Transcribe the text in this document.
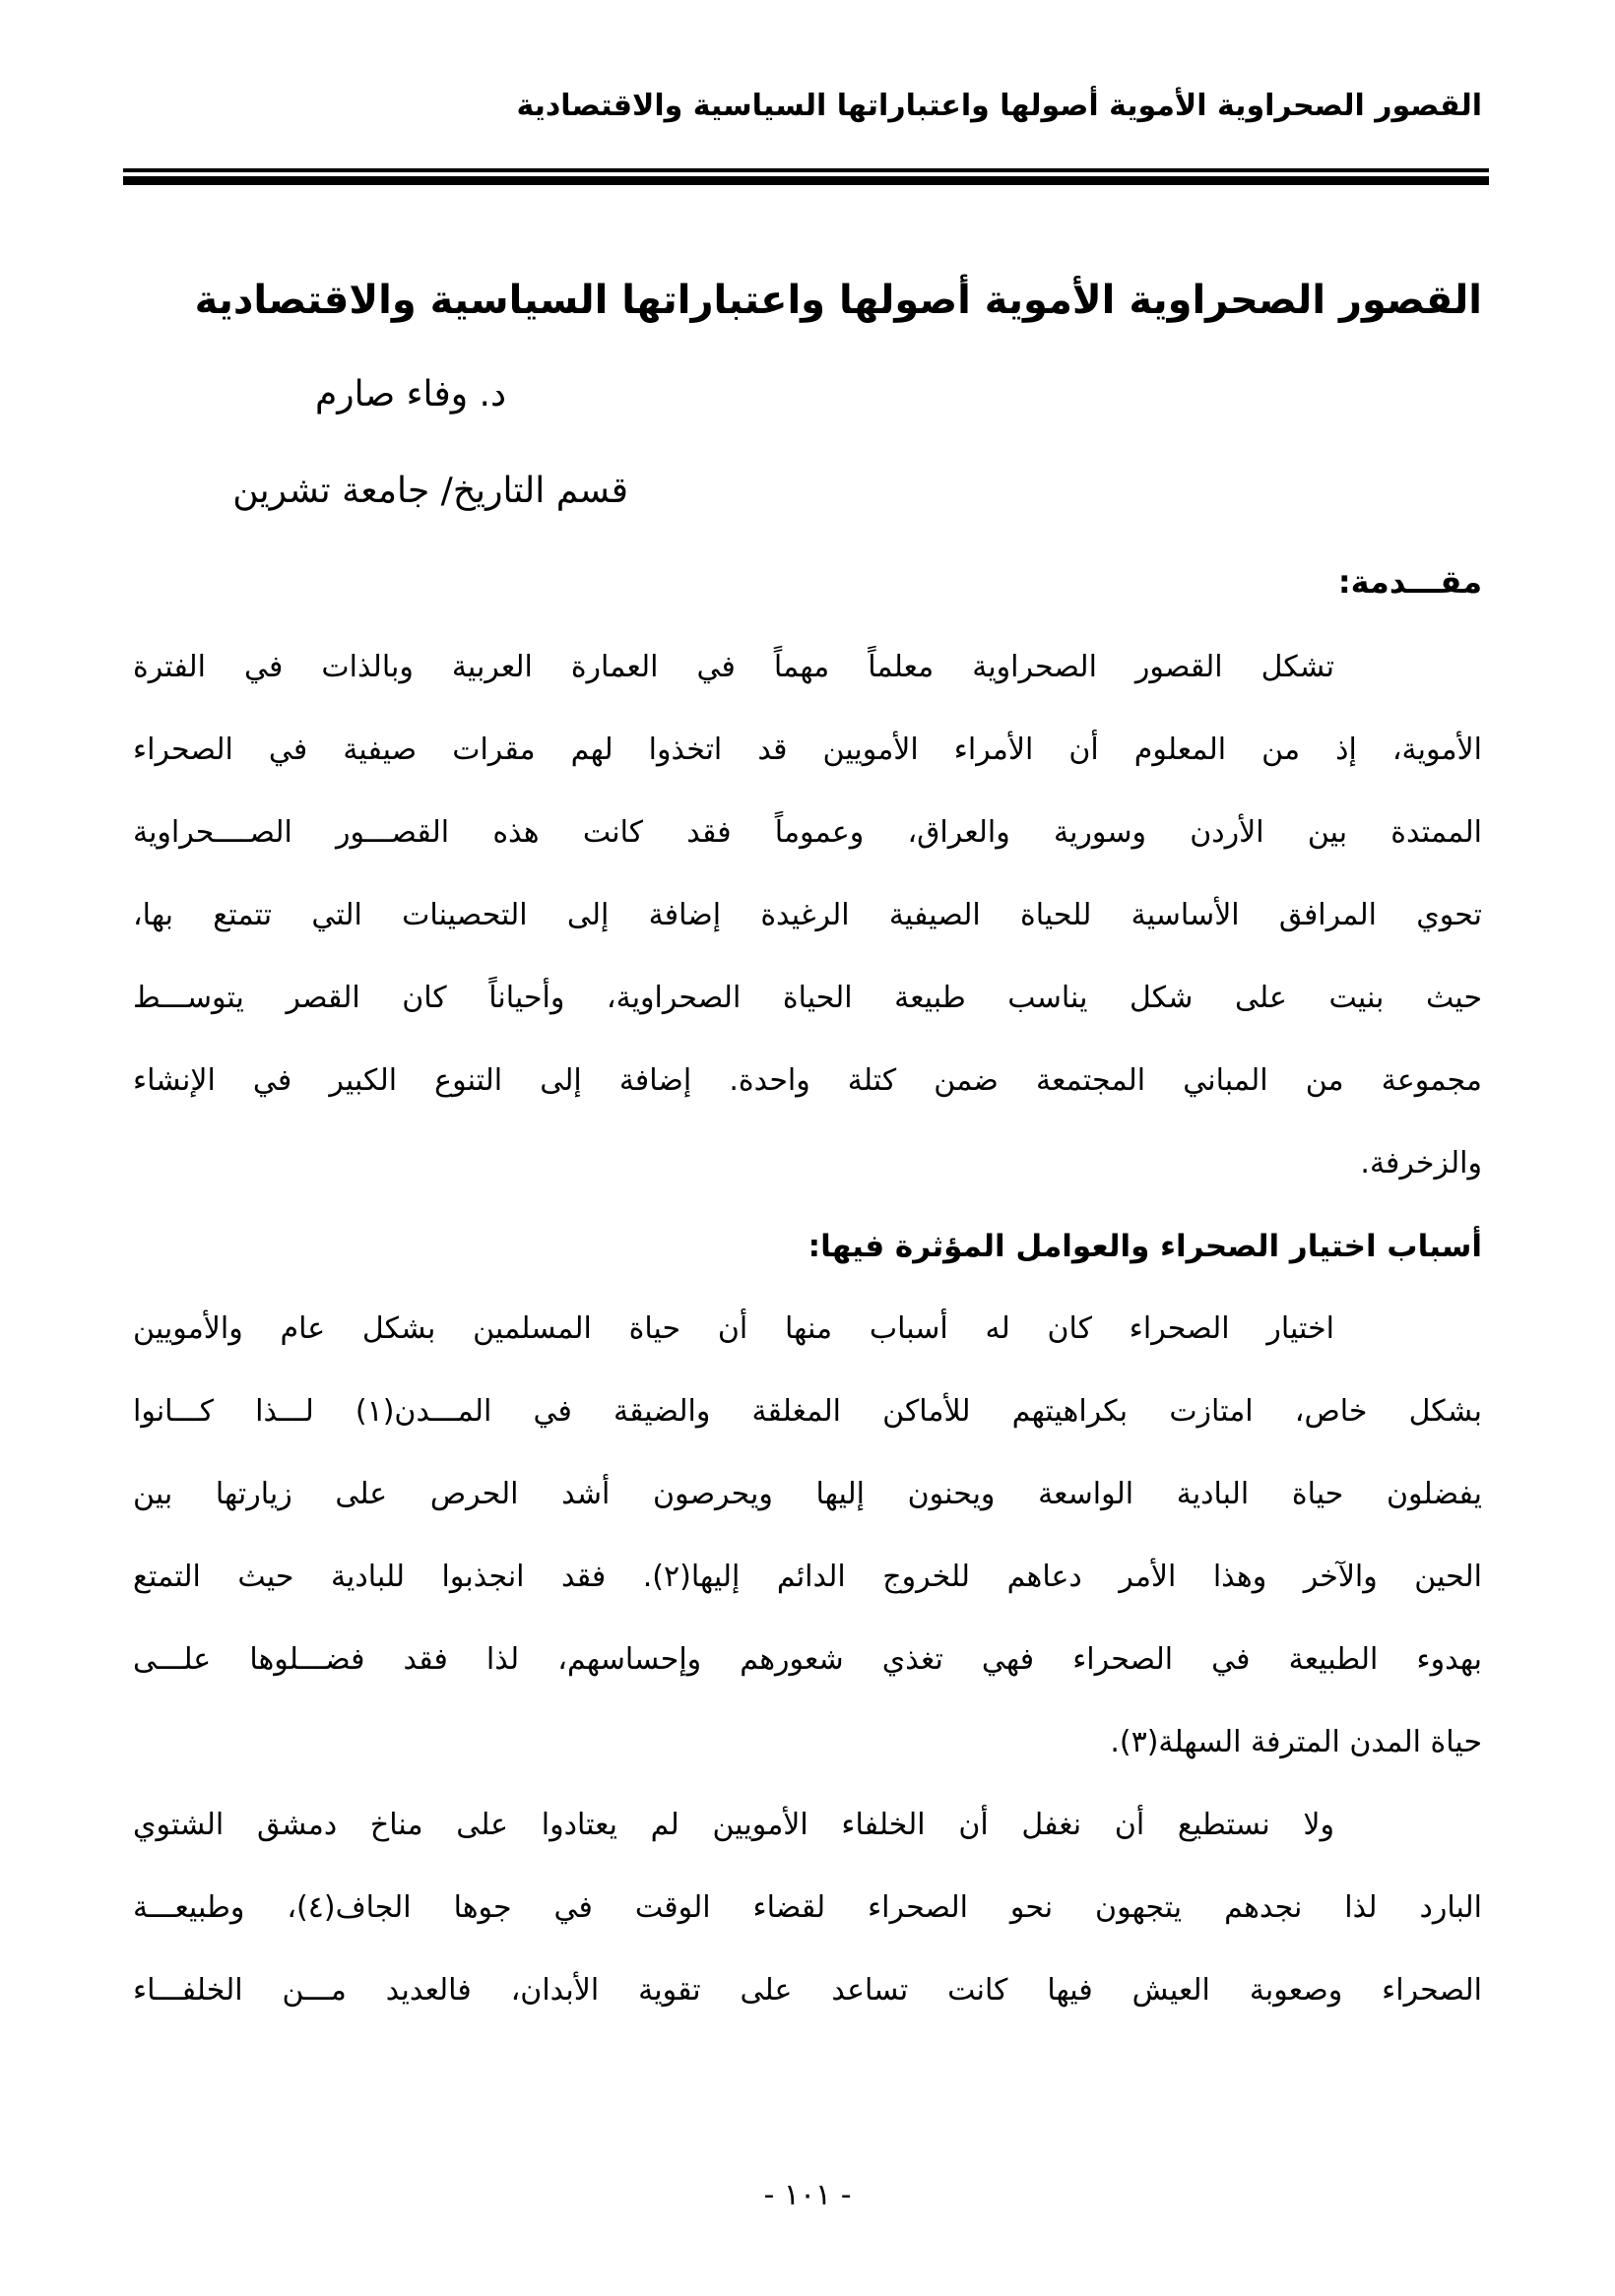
القصور الصحراوية الأموية أصولها واعتباراتها السياسية والاقتصادية
القصور الصحراوية الأموية أصولها واعتباراتها السياسية والاقتصادية
د. وفاء صارم
قسم التاريخ/ جامعة تشرين
مقـــدمة:
تشكل القصور الصحراوية معلماً مهماً في العمارة العربية وبالذات في الفترة
الأموية، إذ من المعلوم أن الأمراء الأمويين قد اتخذوا لهم مقرات صيفية في الصحراء
الممتدة بين الأردن وسورية والعراق، وعموماً فقد كانت هذه القصـــور الصــــحراوية
تحوي المرافق الأساسية للحياة الصيفية الرغيدة إضافة إلى التحصينات التي تتمتع بها،
حيث بنيت على شكل يناسب طبيعة الحياة الصحراوية، وأحياناً كان القصر يتوســـط
مجموعة من المباني المجتمعة ضمن كتلة واحدة. إضافة إلى التنوع الكبير في الإنشاء
والزخرفة.
أسباب اختيار الصحراء والعوامل المؤثرة فيها:
اختيار الصحراء كان له أسباب منها أن حياة المسلمين بشكل عام والأمويين
بشكل خاص، امتازت بكراهيتهم للأماكن المغلقة والضيقة في المـــدن(١) لـــذا كـــانوا
يفضلون حياة البادية الواسعة ويحنون إليها ويحرصون أشد الحرص على زيارتها بين
الحين والآخر وهذا الأمر دعاهم للخروج الدائم إليها(٢). فقد انجذبوا للبادية حيث التمتع
بهدوء الطبيعة في الصحراء فهي تغذي شعورهم وإحساسهم، لذا فقد فضـــلوها علـــى
حياة المدن المترفة السهلة(٣).
ولا نستطيع أن نغفل أن الخلفاء الأمويين لم يعتادوا على مناخ دمشق الشتوي
البارد لذا نجدهم يتجهون نحو الصحراء لقضاء الوقت في جوها الجاف(٤)، وطبيعـــة
الصحراء وصعوبة العيش فيها كانت تساعد على تقوية الأبدان، فالعديد مـــن الخلفـــاء
- ١٠١ -
